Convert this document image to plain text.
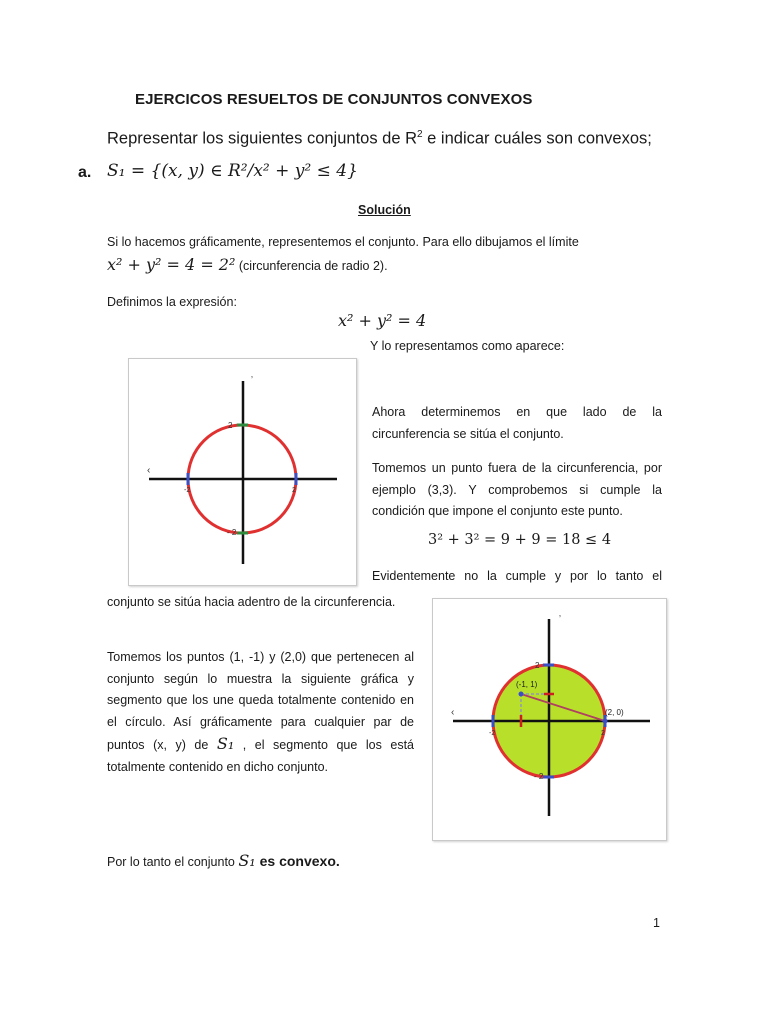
EJERCICOS RESUELTOS DE CONJUNTOS CONVEXOS
Representar los siguientes conjuntos de $R^2$ e indicar cuáles son convexos;
a. S₁ = {(x, y) ∈ R²/x² + y² ≤ 4}
Solución
Si lo hacemos gráficamente, representemos el conjunto. Para ello dibujamos el límite
x² + y² = 4 = 2² (circunferencia de radio 2).
Definimos la expresión:
x² + y² = 4
Y lo representamos como aparece:
2
- 2
-2	2
‹
ʼ
Ahora determinemos en que lado de la circunferencia se sitúa el conjunto.
Tomemos un punto fuera de la circunferencia, por ejemplo (3,3). Y comprobemos si cumple la condición que impone el conjunto este punto.
3² + 3² = 9 + 9 = 18 ≤ 4
Evidentemente no la cumple y por lo tanto el
conjunto se sitúa hacia adentro de la circunferencia.
Tomemos los puntos (1, -1) y (2,0) que pertenecen al conjunto según lo muestra la siguiente gráfica y segmento que los une queda totalmente contenido en el círculo. Así gráficamente para cualquier par de puntos (x, y) de S₁ , el segmento que los está totalmente contenido en dicho conjunto.
(-1, 1)
(2, 0)
2
- 2
-2	2
‹
ʼ
Por lo tanto el conjunto S₁ es convexo.
1
